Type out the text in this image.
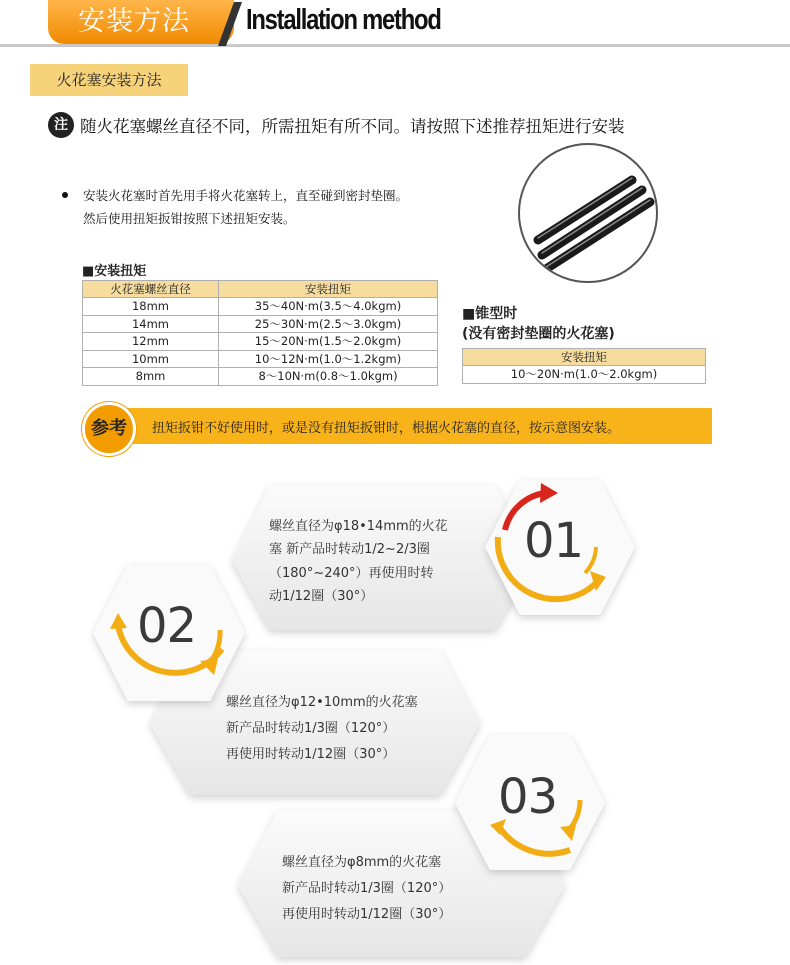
安装方法	Installation method
火花塞安装方法
注 随火花塞螺丝直径不同，所需扭矩有所不同。请按照下述推荐扭矩进行安装
安装火花塞时首先用手将火花塞转上，直至碰到密封垫圈。
然后使用扭矩扳钳按照下述扭矩安装。
■安装扭矩
火花塞螺丝直径	安装扭矩
18mm	35～40N·m(3.5～4.0kgm)
14mm	25～30N·m(2.5～3.0kgm)
12mm	15～20N·m(1.5～2.0kgm)
10mm	10～12N·m(1.0～1.2kgm)
8mm	8～10N·m(0.8～1.0kgm)
■锥型时
(没有密封垫圈的火花塞)
安装扭矩
10～20N·m(1.0～2.0kgm)
参考	扭矩扳钳不好使用时，或是没有扭矩扳钳时，根据火花塞的直径，按示意图安装。
01
02
03
螺丝直径为φ18•14mm的火花
塞 新产品时转动1/2~2/3圈
（180°~240°）再使用时转
动1/12圈（30°）
螺丝直径为φ12•10mm的火花塞
新产品时转动1/3圈（120°）
再使用时转动1/12圈（30°）
螺丝直径为φ8mm的火花塞
新产品时转动1/3圈（120°）
再使用时转动1/12圈（30°）
